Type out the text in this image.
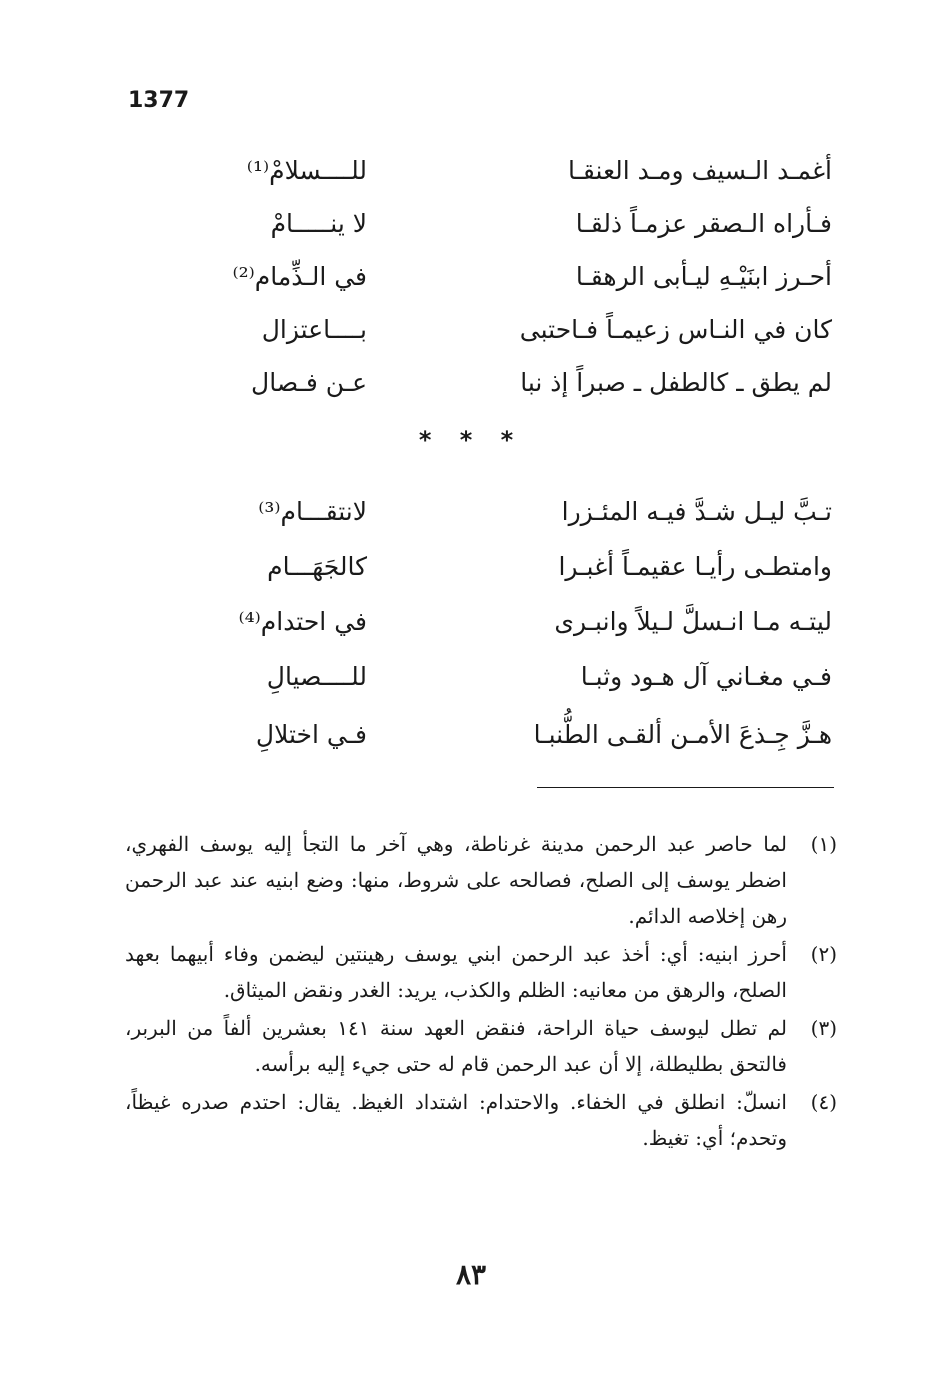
1377
أغمـد الـسيف ومـد العنقـا
للــــسلامْ⁽¹⁾
فـأراه الـصقر عزمـاً ذلقـا
لا ينـــــامْ
أحـرز ابنَيْـهِ ليـأبى الرهقـا
في الـذِّمام⁽²⁾
كان في النـاس زعيمـاً فـاحتبى
بــــاعتزال
لم يطق ـ كالطفل ـ صبراً إذ نبا
عـن فـصال
* * *
تـبَّ ليـل شـدَّ فيـه المئـزرا
لانتقـــام⁽³⁾
وامتطـى رأيـا عقيمـاً أغبـرا
كالجَهَـــام
ليتـه مـا انـسلَّ لـيلاً وانبـرى
في احتدام⁽⁴⁾
فـي مغـاني آل هـود وثبـا
للــــصيالِ
هـزَّ جِـذعَ الأمـن ألقـى الطُّنبـا
فـي اختلالِ
(١)
لما حاصر عبد الرحمن مدينة غرناطة، وهي آخر ما التجأ إليه يوسف الفهري، اضطر يوسف إلى الصلح، فصالحه على شروط، منها: وضع ابنيه عند عبد الرحمن رهن إخلاصه الدائم.
(٢)
أحرز ابنيه: أي: أخذ عبد الرحمن ابني يوسف رهينتين ليضمن وفاء أبيهما بعهد الصلح، والرهق من معانيه: الظلم والكذب، يريد: الغدر ونقض الميثاق.
(٣)
لم تطل ليوسف حياة الراحة، فنقض العهد سنة ١٤١ بعشرين ألفاً من البربر، فالتحق بطليطلة، إلا أن عبد الرحمن قام له حتى جيء إليه برأسه.
(٤)
انسلّ: انطلق في الخفاء. والاحتدام: اشتداد الغيظ. يقال: احتدم صدره غيظاً، وتحدم؛ أي: تغيظ.
٨٣
